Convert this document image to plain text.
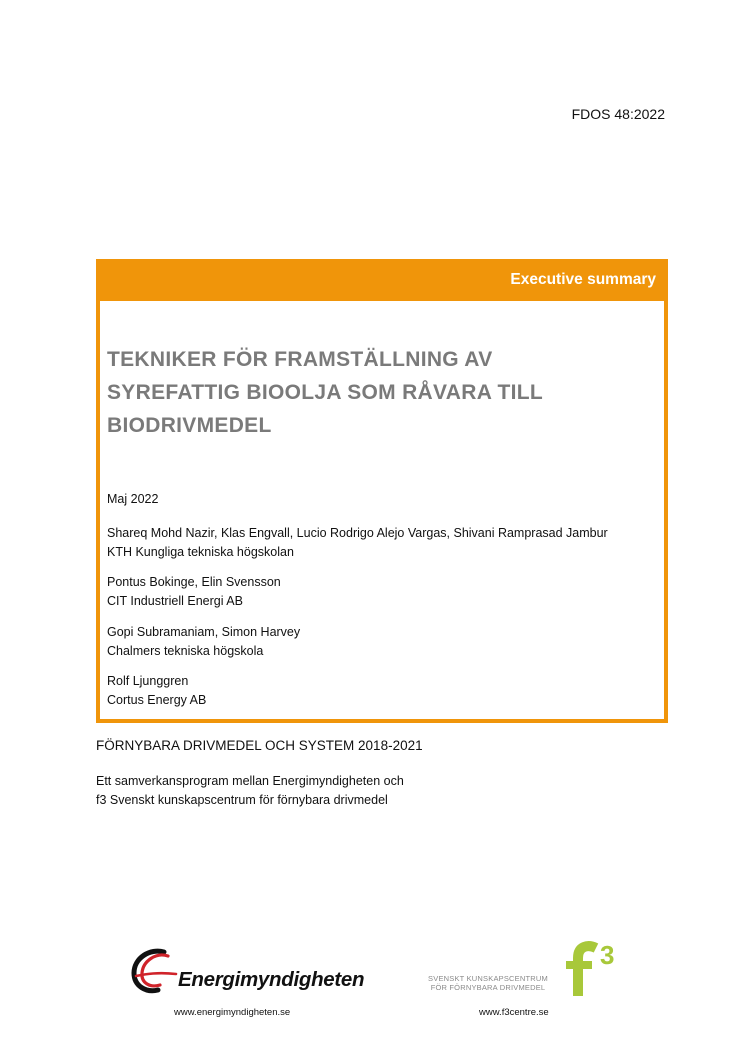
FDOS 48:2022
Executive summary
TEKNIKER FÖR FRAMSTÄLLNING AV
SYREFATTIG BIOOLJA SOM RÅVARA TILL
BIODRIVMEDEL
Maj 2022
Shareq Mohd Nazir, Klas Engvall, Lucio Rodrigo Alejo Vargas, Shivani Ramprasad Jambur
KTH Kungliga tekniska högskolan
Pontus Bokinge, Elin Svensson
CIT Industriell Energi AB
Gopi Subramaniam, Simon Harvey
Chalmers tekniska högskola
Rolf Ljunggren
Cortus Energy AB
FÖRNYBARA DRIVMEDEL OCH SYSTEM 2018-2021
Ett samverkansprogram mellan Energimyndigheten och
f3 Svenskt kunskapscentrum för förnybara drivmedel
Energimyndigheten
www.energimyndigheten.se
SVENSKT KUNSKAPSCENTRUM
FÖR FÖRNYBARA DRIVMEDEL
3
www.f3centre.se
